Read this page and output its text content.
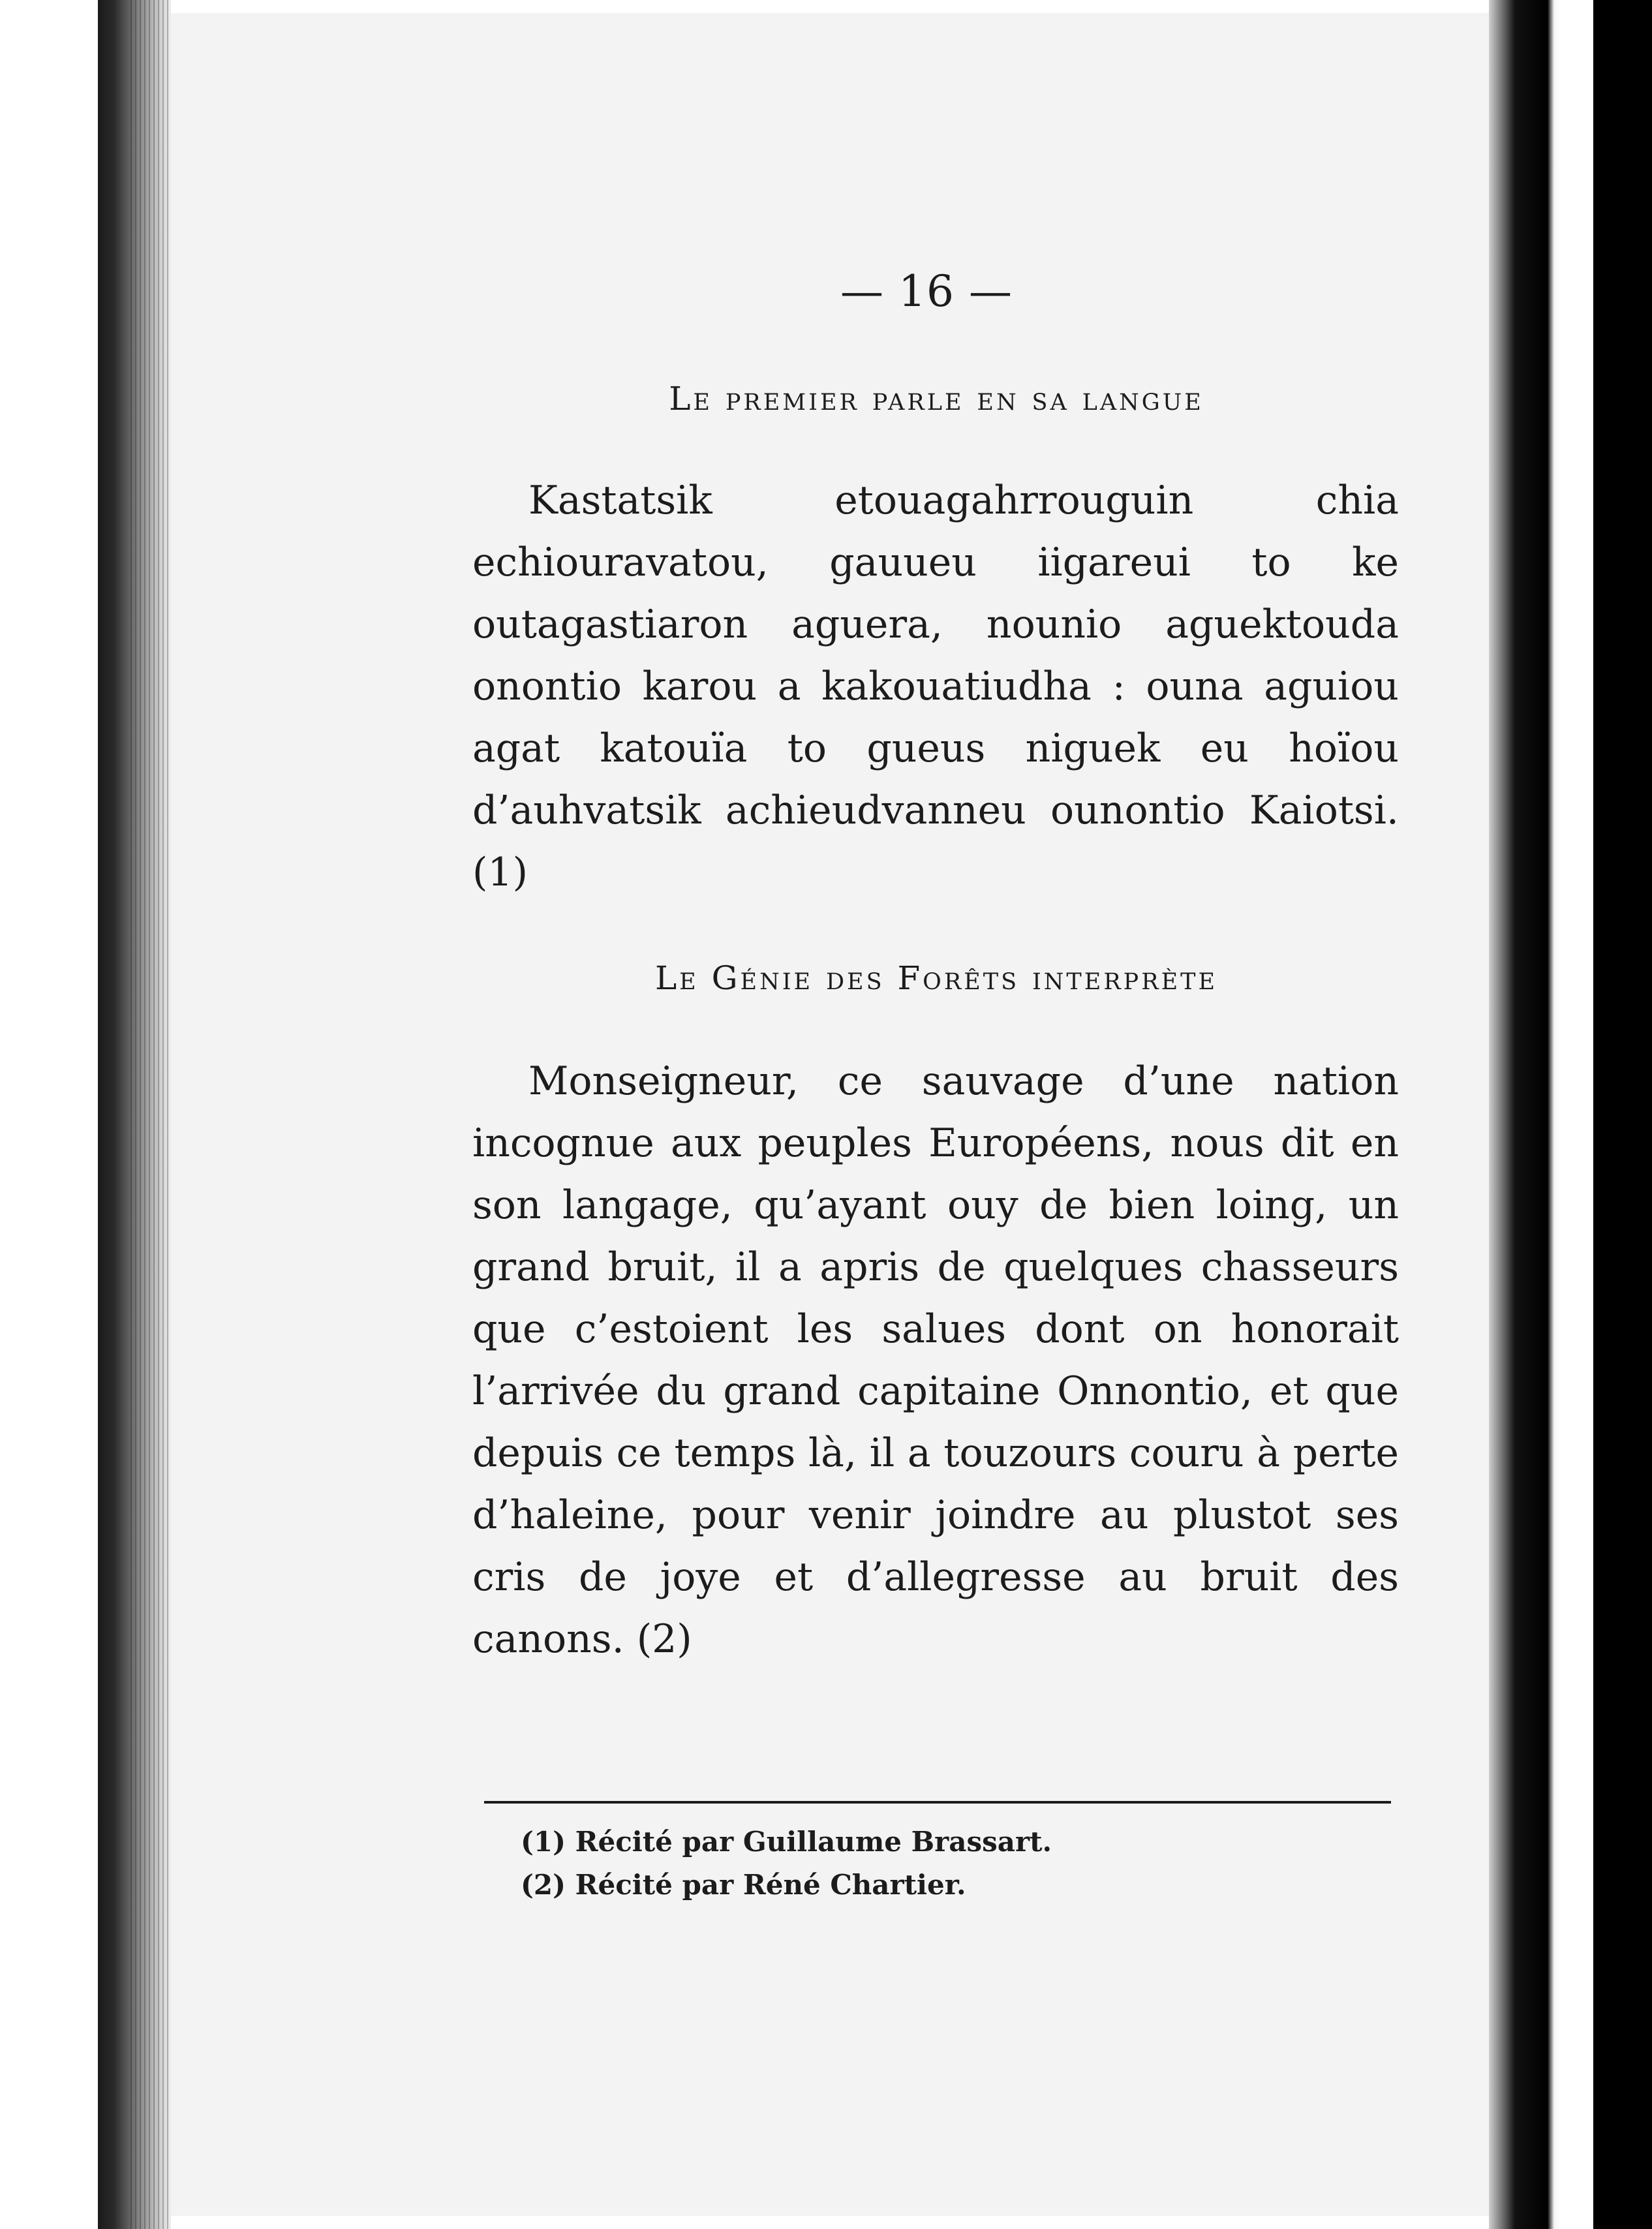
— 16 —
Le premier parle en sa langue
Kastatsik etouagahrrouguin chia echiouravatou, gauueu iigareui to ke outagastiaron aguera, nounio aguektouda onontio karou a kakouatiudha : ouna aguiou agat katouïa to gueus niguek eu hoïou d’auhvatsik achieudvanneu ounontio Kaiotsi. (1)
Le Génie des Forêts interprète
Monseigneur, ce sauvage d’une nation incognue aux peuples Européens, nous dit en son langage, qu’ayant ouy de bien loing, un grand bruit, il a apris de quelques chasseurs que c’estoient les salues dont on honorait l’arrivée du grand capitaine Onnontio, et que depuis ce temps là, il a touzours couru à perte d’haleine, pour venir joindre au plustot ses cris de joye et d’allegresse au bruit des canons. (2)
(1) Récité par Guillaume Brassart.
(2) Récité par Réné Chartier.
